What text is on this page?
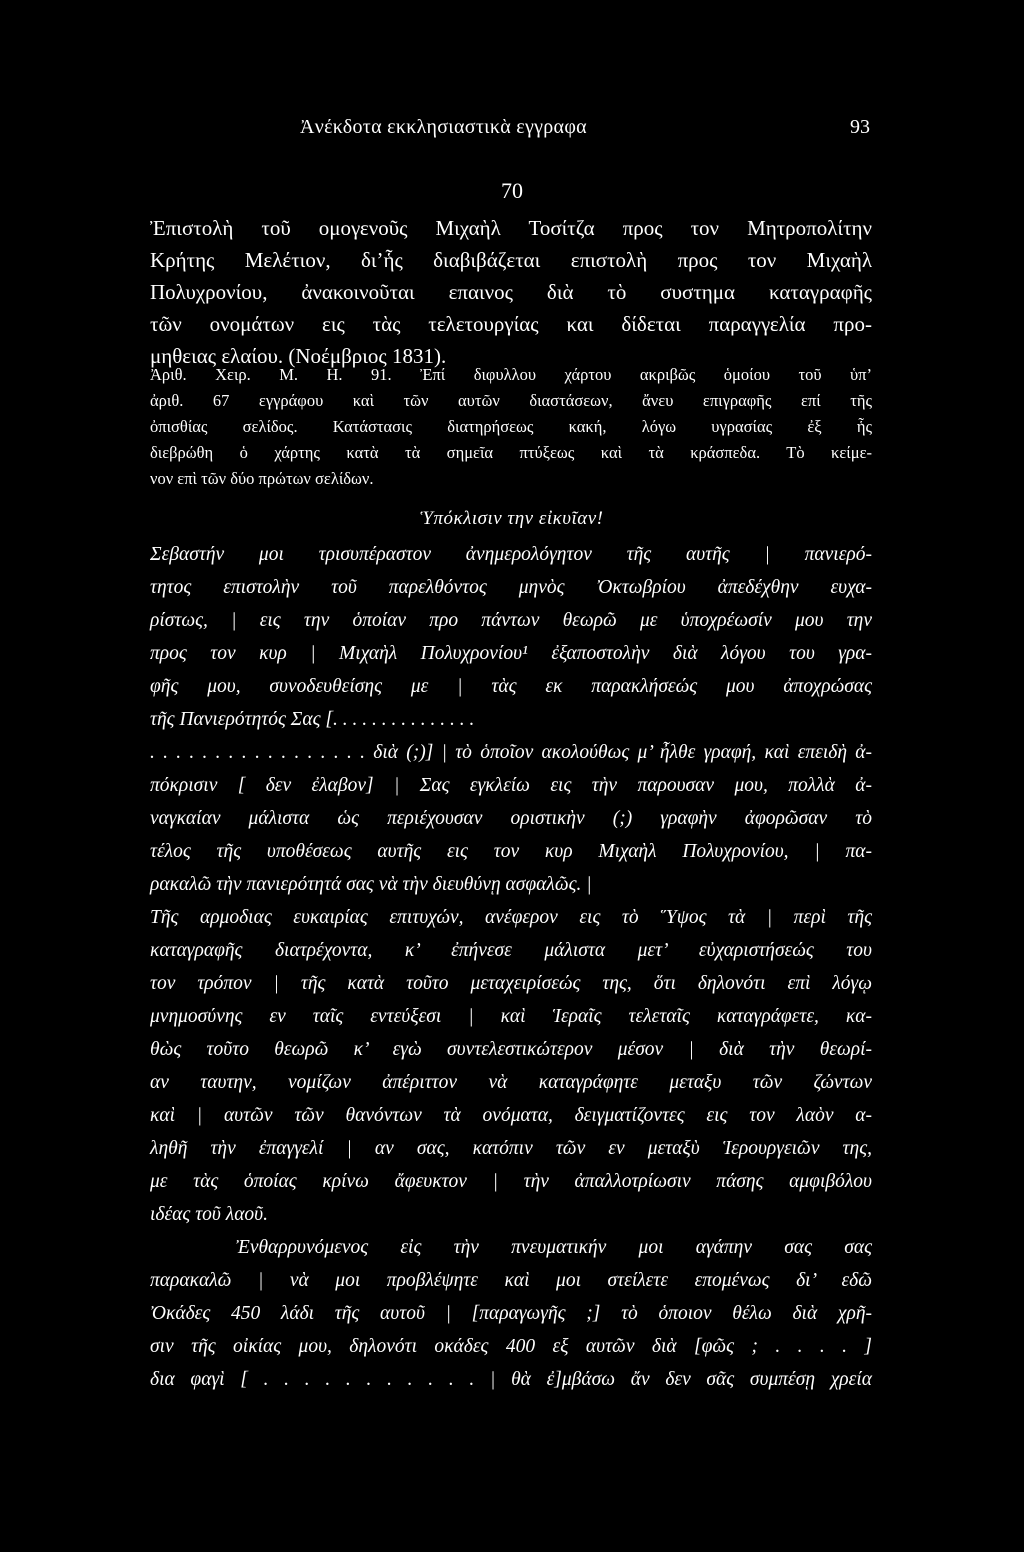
Ἀνέκδοτα εκκλησιαστικὰ εγγραφα	93
70
Ἐπιστολὴ τοῦ ομογενοῦς Μιχαὴλ Τοσίτζα προς τον Μητροπολίτην
Κρήτης Μελέτιον, δι’ἧς διαβιβάζεται επιστολὴ προς τον Μιχαὴλ
Πολυχρονίου, ἀνακοινοῦται επαινος διὰ τὸ συστημα καταγραφῆς
τῶν ονομάτων εις τὰς τελετουργίας και δίδεται παραγγελία προ-
μηθειας ελαίου. (Νοέμβριος 1831).
Ἀριθ. Χειρ. Μ. Η. 91. Ἐπί διφυλλου χάρτου ακριβῶς ὁμοίου τοῦ ὑπ’
ἀριθ. 67 εγγράφου καὶ τῶν αυτῶν διαστάσεων, ἄνευ επιγραφῆς επί τῆς
ὀπισθίας σελίδος. Κατάστασις διατηρήσεως κακή, λόγω υγρασίας ἐξ ἧς
διεβρώθη ὁ χάρτης κατὰ τὰ σημεῖα πτύξεως καὶ τὰ κράσπεδα. Τὸ κείμε-
νον επὶ τῶν δύο πρώτων σελίδων.
Ὑπόκλισιν την εἰκυῖαν!
Σεβαστήν μοι τρισυπέραστον ἀνημερολόγητον τῆς αυτῆς | πανιερό-
τητος επιστολὴν τοῦ παρελθόντος μηνὸς Ὀκτωβρίου ἀπεδέχθην ευχα-
ρίστως, | εις την ὁποίαν προ πάντων θεωρῶ με ὑποχρέωσίν μου την
προς τον κυρ | Μιχαὴλ Πολυχρονίου¹ ἐξαποστολὴν διὰ λόγου του γρα-
φῆς μου, συνοδευθείσης με | τὰς εκ παρακλήσεώς μου ἀποχρώσας
τῆς Πανιερότητός Σας [. . . . . . . . . . . . . . .
. . . . . . . . . . . . . . . . . διὰ (;)] | τὸ ὁποῖον ακολούθως μ’ ἦλθε γραφή, καὶ επειδὴ ἀ-
πόκρισιν [ δεν ἐλαβον] | Σας εγκλείω εις τὴν παρουσαν μου, πολλὰ ἀ-
ναγκαίαν μάλιστα ὡς περιέχουσαν οριστικὴν (;) γραφὴν ἀφορῶσαν τὸ
τέλος τῆς υποθέσεως αυτῆς εις τον κυρ Μιχαὴλ Πολυχρονίου, | πα-
ρακαλῶ τὴν πανιερότητά σας νὰ τὴν διευθύνῃ ασφαλῶς. |
Τῆς αρμοδιας ευκαιρίας επιτυχών, ανέφερον εις τὸ Ὕψος τὰ | περὶ τῆς
καταγραφῆς διατρέχοντα, κ’ ἐπήνεσε μάλιστα μετ’ εὐχαριστήσεώς του
τον τρόπον | τῆς κατὰ τοῦτο μεταχειρίσεώς της, ὅτι δηλονότι επὶ λόγῳ
μνημοσύνης εν ταῖς εντεύξεσι | καὶ Ἱεραῖς τελεταῖς καταγράφετε, κα-
θὼς τοῦτο θεωρῶ κ’ εγὼ συντελεστικώτερον μέσον | διὰ τὴν θεωρί-
αν ταυτην, νομίζων ἀπέριττον νὰ καταγράφητε μεταξυ τῶν ζώντων
καὶ | αυτῶν τῶν θανόντων τὰ ονόματα, δειγματίζοντες εις τον λαὸν α-
ληθῆ τὴν ἐπαγγελί | αν σας, κατόπιν τῶν εν μεταξὺ Ἱερουργειῶν της,
με τὰς ὁποίας κρίνω ἄφευκτον | τὴν ἀπαλλοτρίωσιν πάσης αμφιβόλου
ιδέας τοῦ λαοῦ.
Ἐνθαρρυνόμενος εἰς τὴν πνευματικήν μοι αγάπην σας σας
παρακαλῶ | νὰ μοι προβλέψητε καὶ μοι στείλετε επομένως δι’ εδῶ
Ὀκάδες 450 λάδι τῆς αυτοῦ | [παραγωγῆς ;] τὸ ὁποιον θέλω διὰ χρῆ-
σιν τῆς οἰκίας μου, δηλονότι οκάδες 400 εξ αυτῶν διὰ [φῶς ; . . . . ]
δια φαγὶ [ . . . . . . . . . . . | θὰ ἐ]μβάσω ἄν δεν σᾶς συμπέσῃ χρεία
